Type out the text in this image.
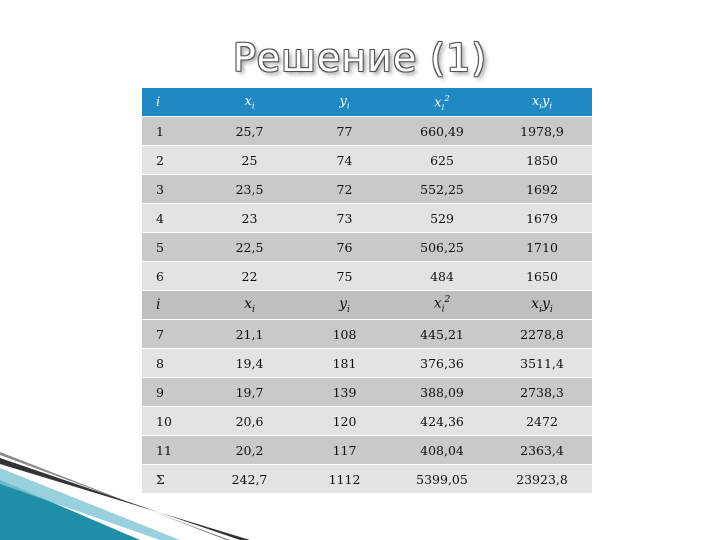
Решение (1)
i	$x_i$	$y_i$	$x_i^2$	$x_iy_i$
1	25,7	77	660,49	1978,9
2	25	74	625	1850
3	23,5	72	552,25	1692
4	23	73	529	1679
5	22,5	76	506,25	1710
6	22	75	484	1650
i	$x_i$	$y_i$	$x_i^2$	$x_iy_i$
7	21,1	108	445,21	2278,8
8	19,4	181	376,36	3511,4
9	19,7	139	388,09	2738,3
10	20,6	120	424,36	2472
11	20,2	117	408,04	2363,4
Σ	242,7	1112	5399,05	23923,8
